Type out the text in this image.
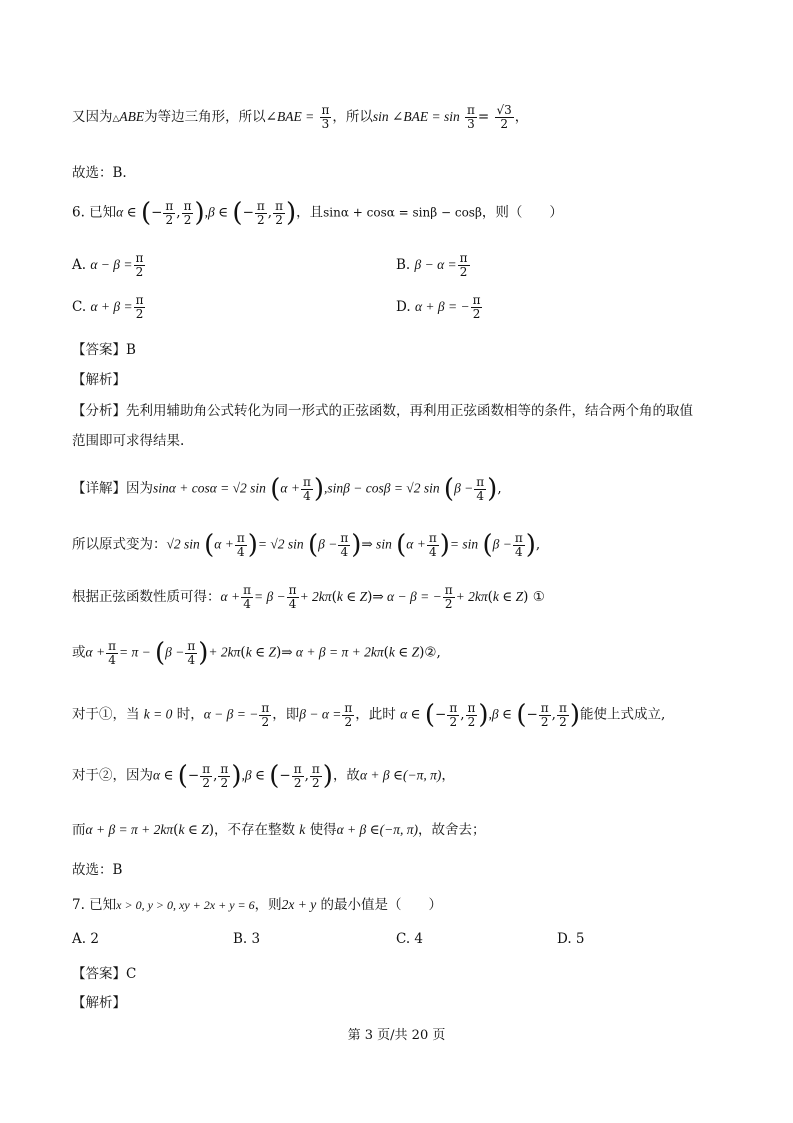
又因为△ABE为等边三角形，所以∠BAE = $\frac{\pi}{3}$ ，所以sin ∠BAE = $\sin \frac{\pi}{3} = \frac{√3}{2}$ ，
故选：B.
6. 已知α ∈ (− $\frac{\pi}{2}$ , $\frac{\pi}{2} ),\beta$ ∈ (− $\frac{\pi}{2}$ , $\frac{\pi}{2}$ )，且sinα + cosα = sinβ − cosβ，则（　　）
A. $\alpha - \beta = \frac{\pi}{2}$	B. $\beta - \alpha = \frac{\pi}{2}$
C. $\alpha + \beta = \frac{\pi}{2}$	D. α + β = − $\frac{\pi}{2}$
【答案】B
【解析】
【分析】先利用辅助角公式转化为同一形式的正弦函数，再利用正弦函数相等的条件，结合两个角的取值
范围即可求得结果.
【详解】因为sinα + cosα = √2 $\sin (\alpha + \frac{\pi}{4} ),\sin\beta - \cos\beta = √2$ $\sin (\beta - \frac{\pi}{4}$ ),
所以原式变为：√2 $\sin (\alpha + \frac{\pi}{4}$ )= √2 $\sin (\beta - \frac{\pi}{4}$ )⇒ $\sin (\alpha + \frac{\pi}{4}$ )= $\sin (\beta - \frac{\pi}{4}$ ),
根据正弦函数性质可得：$\alpha + \frac{\pi}{4} = \beta - \frac{\pi}{4} + 2k\pi(k$ ∈ Z)⇒ α − β = − $\frac{\pi}{2} + 2k\pi(k$ ∈ Z) ①
或$\alpha + \frac{\pi}{4} = \pi - (\beta - \frac{\pi}{4}$ )+ 2kπ(k ∈ Z)⇒ α + β = π + 2kπ(k ∈ Z)②,
对于①，当 k = 0 时，α − β = − $\frac{\pi}{2}$ ，即$\beta - \alpha = \frac{\pi}{2}$ ，此时 α ∈ (− $\frac{\pi}{2}$ , $\frac{\pi}{2} ),\beta$ ∈ (− $\frac{\pi}{2}$ , $\frac{\pi}{2}$ )能使上式成立,
对于②，因为α ∈ (− $\frac{\pi}{2}$ , $\frac{\pi}{2} ),\beta$ ∈ (− $\frac{\pi}{2}$ , $\frac{\pi}{2}$ )，故α + β ∈(−π, π)，
而α + β = π + 2kπ(k ∈ Z)，不存在整数 k 使得α + β ∈(−π, π)，故舍去；
故选：B
7. 已知x > 0, y > 0, xy + 2x + y = 6，则2x + y 的最小值是（　　）
A. 2	B. 3	C. 4	D. 5
【答案】C
【解析】
第 3 页/共 20 页
